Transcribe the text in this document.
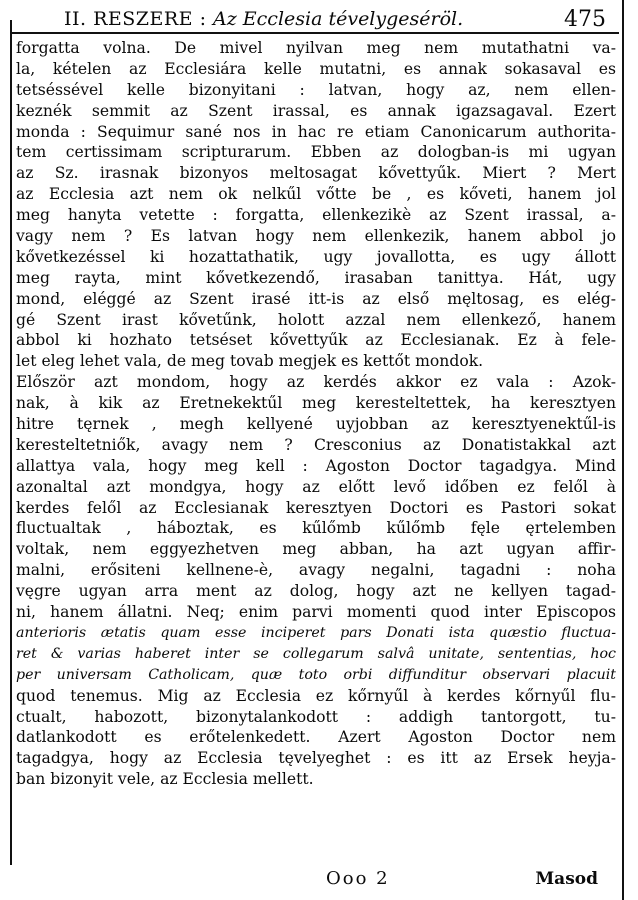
II. RESZERE : Az Ecclesia tévelygeséröl.	475
forgatta volna. De mivel nyilvan meg nem mutathatni va-
la, kételen az Ecclesiára kelle mutatni, es annak sokasaval es
tetséssével kelle bizonyitani : latvan, hogy az, nem ellen-
keznék semmit az Szent irassal, es annak igazsagaval. Ezert
monda : Sequimur sané nos in hac re etiam Canonicarum authorita-
tem certissimam scripturarum. Ebben az dologban-is mi ugyan
az Sz. irasnak bizonyos meltosagat kővettyűk. Miert ? Mert
az Ecclesia azt nem ok nelkűl vőtte be , es kőveti, hanem jol
meg hanyta vetette : forgatta, ellenkezikè az Szent irassal, a-
vagy nem ? Es latvan hogy nem ellenkezik, hanem abbol jo
kővetkezéssel ki hozattathatik, ugy jovallotta, es ugy állott
meg rayta, mint kővetkezendő, irasaban tanittya. Hát, ugy
mond, eléggé az Szent irasé itt-is az első męltosag, es elég-
gé Szent irast kővetűnk, holott azzal nem ellenkező, hanem
abbol ki hozhato tetséset kővettyűk az Ecclesianak. Ez à fele-
let eleg lehet vala, de meg tovab megjek es kettőt mondok.
Először azt mondom, hogy az kerdés akkor ez vala : Azok-
nak, à kik az Eretnekektűl meg keresteltettek, ha keresztyen
hitre tęrnek , megh kellyené uyjobban az keresztyenektűl-is
keresteltetniők, avagy nem ? Cresconius az Donatistakkal azt
allattya vala, hogy meg kell : Agoston Doctor tagadgya. Mind
azonaltal azt mondgya, hogy az előtt levő időben ez felől à
kerdes felől az Ecclesianak keresztyen Doctori es Pastori sokat
fluctualtak , háboztak, es kűlőmb kűlőmb fęle ęrtelemben
voltak, nem eggyezhetven meg abban, ha azt ugyan affir-
malni, erősiteni kellnene-è, avagy negalni, tagadni : noha
vęgre ugyan arra ment az dolog, hogy azt ne kellyen tagad-
ni, hanem állatni. Neq; enim parvi momenti quod inter Episcopos
anterioris ætatis quam esse inciperet pars Donati ista quæstio fluctua-
ret & varias haberet inter se collegarum salvâ unitate, sententias, hoc
per universam Catholicam, quæ toto orbi diffunditur observari placuit
quod tenemus. Mig az Ecclesia ez kőrnyűl à kerdes kőrnyűl flu-
ctualt, habozott, bizonytalankodott : addigh tantorgott, tu-
datlankodott es erőtelenkedett. Azert Agoston Doctor nem
tagadgya, hogy az Ecclesia tęvelyeghet : es itt az Ersek heyja-
ban bizonyit vele, az Ecclesia mellett.
Ooo 2	Masod
